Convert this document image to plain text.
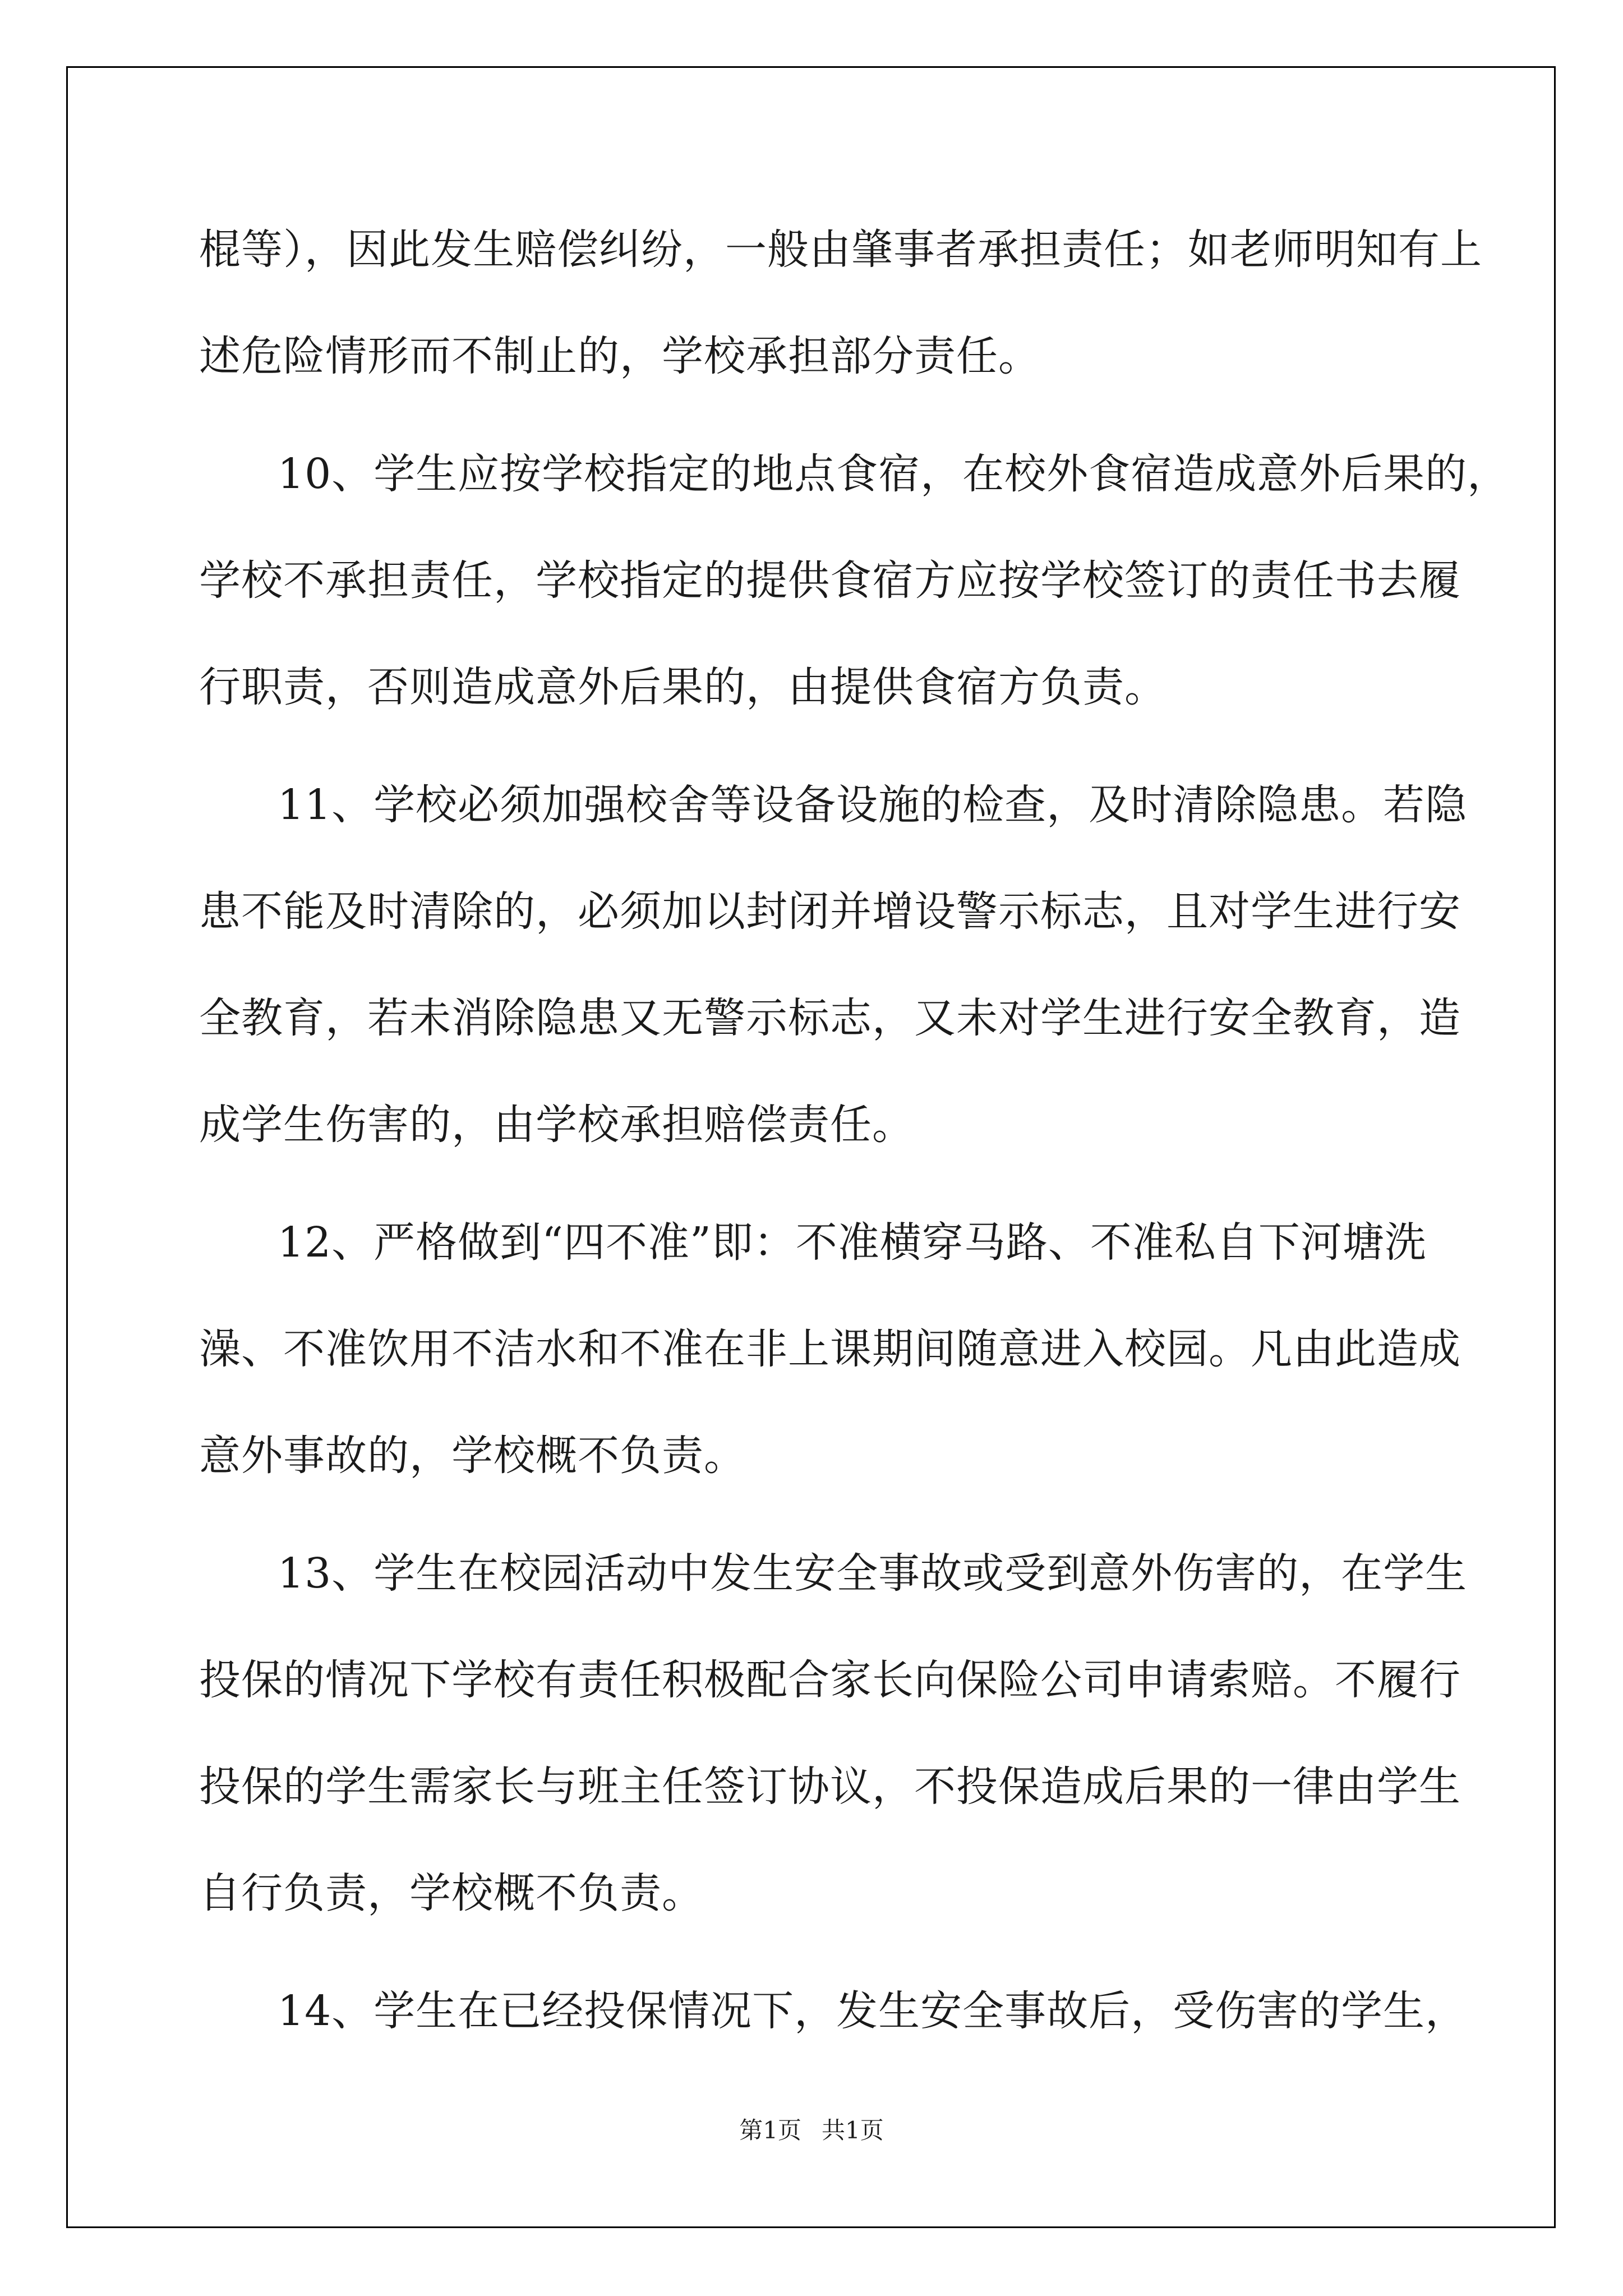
棍等），因此发生赔偿纠纷，一般由肇事者承担责任；如老师明知有上

述危险情形而不制止的，学校承担部分责任。

10、学生应按学校指定的地点食宿，在校外食宿造成意外后果的，

学校不承担责任，学校指定的提供食宿方应按学校签订的责任书去履

行职责，否则造成意外后果的，由提供食宿方负责。

11、学校必须加强校舍等设备设施的检查，及时清除隐患。若隐

患不能及时清除的，必须加以封闭并增设警示标志，且对学生进行安

全教育，若未消除隐患又无警示标志，又未对学生进行安全教育，造

成学生伤害的，由学校承担赔偿责任。

12、严格做到“四不准”即：不准横穿马路、不准私自下河塘洗

澡、不准饮用不洁水和不准在非上课期间随意进入校园。凡由此造成

意外事故的，学校概不负责。

13、学生在校园活动中发生安全事故或受到意外伤害的，在学生

投保的情况下学校有责任积极配合家长向保险公司申请索赔。不履行

投保的学生需家长与班主任签订协议，不投保造成后果的一律由学生

自行负责，学校概不负责。

14、学生在已经投保情况下，发生安全事故后，受伤害的学生，

第1页 共1页
